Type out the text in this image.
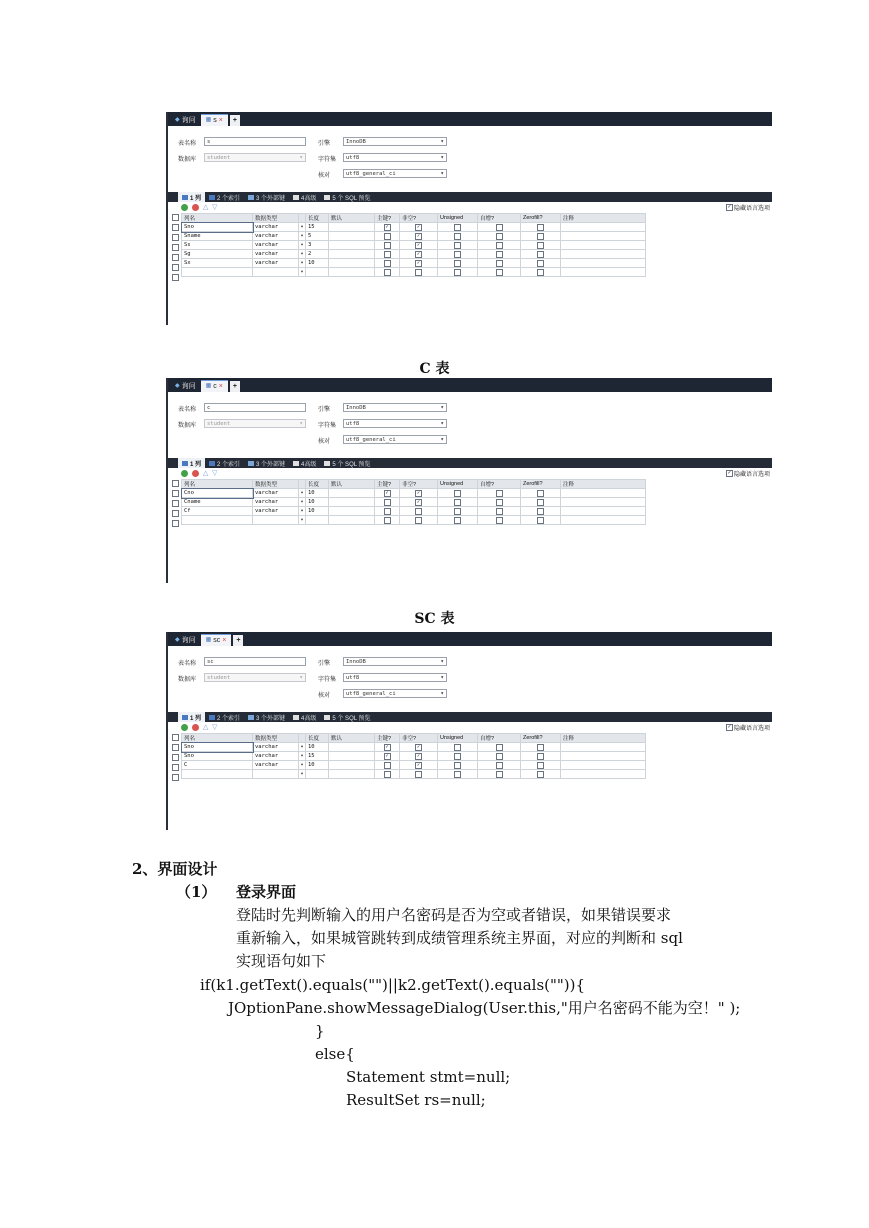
C 表
SC 表
◆ 询问 ▦ s ×	+
表名称	s
数据库	student ▾
引擎	InnoDB ▾
字符集	utf8 ▾
核对	utf8_general_ci ▾
1 列	2 个索引	3 个外部键	4高级	5 个 SQL 预览
△ ▽	✓ 隐藏语言选项
列名	数据类型		长度	默认	主键?	非空?	Unsigned	自增?	Zerofill?	注释
Sno	varchar	▾	15		✓	✓				
Sname	varchar	▾	5			✓				
Ss	varchar	▾	3			✓				
Sg	varchar	▾	2			✓				
Sx	varchar	▾	10			✓				
		▾								
◆ 询问 ▦ c ×	+
表名称	c
数据库	student ▾
引擎	InnoDB ▾
字符集	utf8 ▾
核对	utf8_general_ci ▾
1 列	2 个索引	3 个外部键	4高级	5 个 SQL 预览
△ ▽	✓ 隐藏语言选项
列名	数据类型		长度	默认	主键?	非空?	Unsigned	自增?	Zerofill?	注释
Cno	varchar	▾	10		✓	✓				
Cname	varchar	▾	10			✓				
Cf	varchar	▾	10							
		▾								
◆ 询问 ▦ sc ×	+
表名称	sc
数据库	student ▾
引擎	InnoDB ▾
字符集	utf8 ▾
核对	utf8_general_ci ▾
1 列	2 个索引	3 个外部键	4高级	5 个 SQL 预览
△ ▽	✓ 隐藏语言选项
列名	数据类型		长度	默认	主键?	非空?	Unsigned	自增?	Zerofill?	注释
Sno	varchar	▾	10		✓	✓				
Sno	varchar	▾	15		✓	✓				
C	varchar	▾	10			✓				
		▾								
2、界面设计
（1） 登录界面
登陆时先判断输入的用户名密码是否为空或者错误，如果错误要求
重新输入，如果城管跳转到成绩管理系统主界面，对应的判断和 sql
实现语句如下
if(k1.getText().equals("")||k2.getText().equals("")){
JOptionPane.showMessageDialog(User.this,"用户名密码不能为空！" );
}
else{
Statement stmt=null;
ResultSet rs=null;
